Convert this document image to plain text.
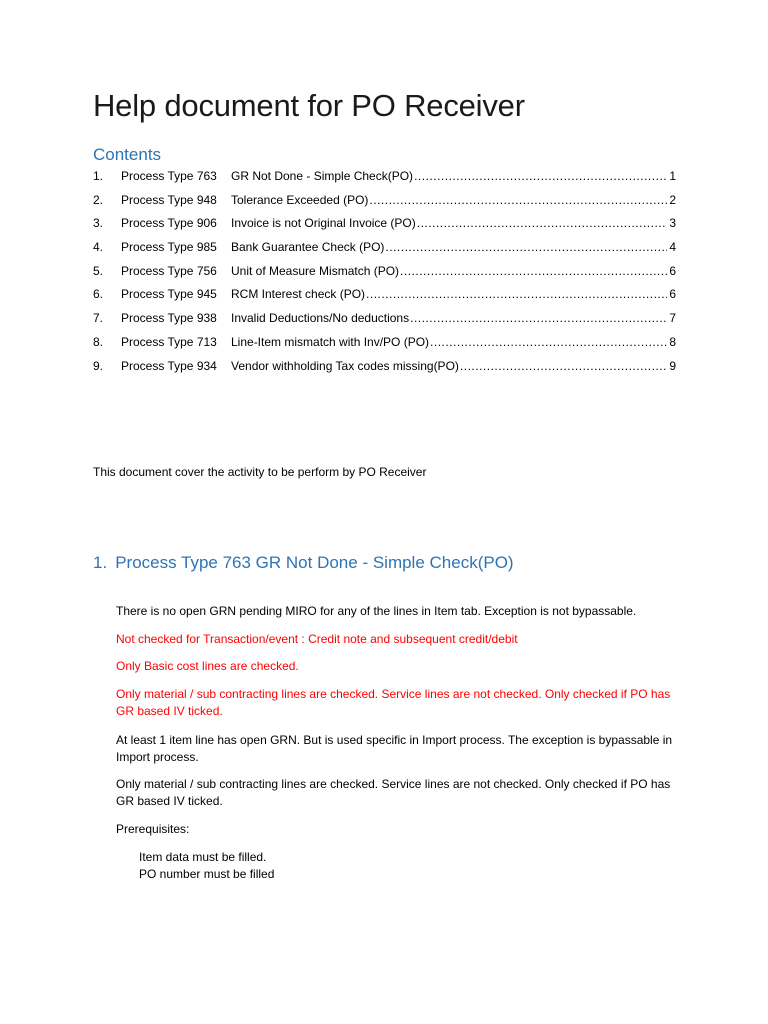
Help document for PO Receiver
Contents
1.	Process Type 763	GR Not Done - Simple Check(PO) .....	1
2.	Process Type 948	Tolerance Exceeded (PO) .....	2
3.	Process Type 906	Invoice is not Original Invoice (PO) .....	3
4.	Process Type 985	Bank Guarantee Check (PO) .....	4
5.	Process Type 756	Unit of Measure Mismatch (PO) .....	6
6.	Process Type 945	RCM Interest check (PO) .....	6
7.	Process Type 938	Invalid Deductions/No deductions .....	7
8.	Process Type 713	Line-Item mismatch with Inv/PO (PO) .....	8
9.	Process Type 934	Vendor withholding Tax codes missing(PO) .....	9
This document cover the activity to be perform by PO Receiver
1. Process Type 763 GR Not Done - Simple Check(PO)
There is no open GRN pending MIRO for any of the lines in Item tab. Exception is not bypassable.
Not checked for Transaction/event : Credit note and subsequent credit/debit
Only Basic cost lines are checked.
Only material / sub contracting lines are checked. Service lines are not checked. Only checked if PO has GR based IV ticked.
At least 1 item line has open GRN. But is used specific in Import process. The exception is bypassable in Import process.
Only material / sub contracting lines are checked. Service lines are not checked. Only checked if PO has GR based IV ticked.
Prerequisites:
Item data must be filled.
PO number must be filled
